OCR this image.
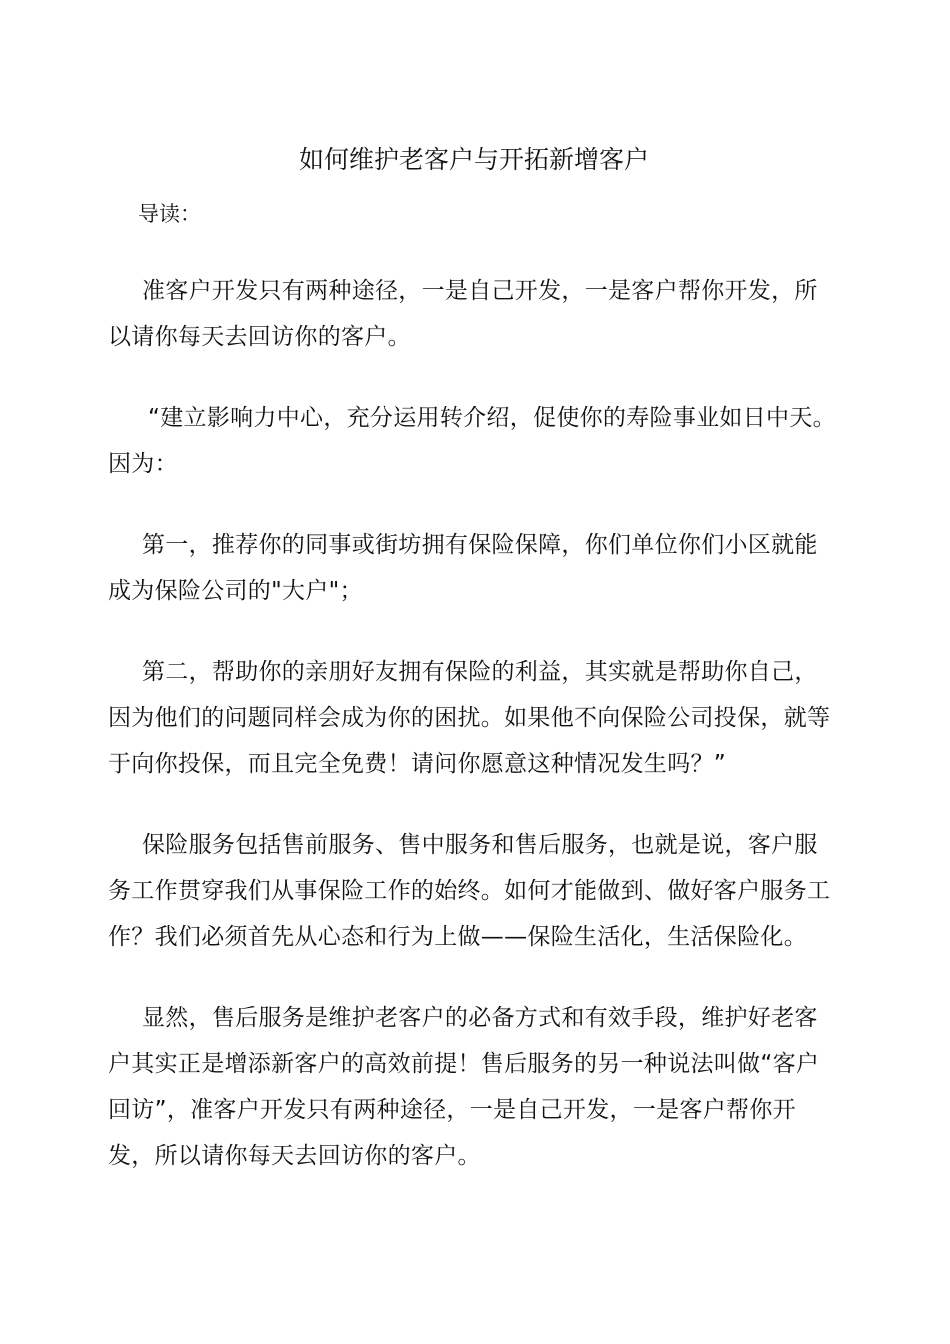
如何维护老客户与开拓新增客户
导读：

准客户开发只有两种途径，一是自己开发，一是客户帮你开发，所以请你每天去回访你的客户。

“建立影响力中心，充分运用转介绍，促使你的寿险事业如日中天。因为：

第一，推荐你的同事或街坊拥有保险保障，你们单位你们小区就能成为保险公司的"大户"；

第二，帮助你的亲朋好友拥有保险的利益，其实就是帮助你自己，因为他们的问题同样会成为你的困扰。如果他不向保险公司投保，就等于向你投保，而且完全免费！请问你愿意这种情况发生吗？”

保险服务包括售前服务、售中服务和售后服务，也就是说，客户服务工作贯穿我们从事保险工作的始终。如何才能做到、做好客户服务工作？我们必须首先从心态和行为上做——保险生活化，生活保险化。

显然，售后服务是维护老客户的必备方式和有效手段，维护好老客户其实正是增添新客户的高效前提！售后服务的另一种说法叫做“客户回访”，准客户开发只有两种途径，一是自己开发，一是客户帮你开发，所以请你每天去回访你的客户。
